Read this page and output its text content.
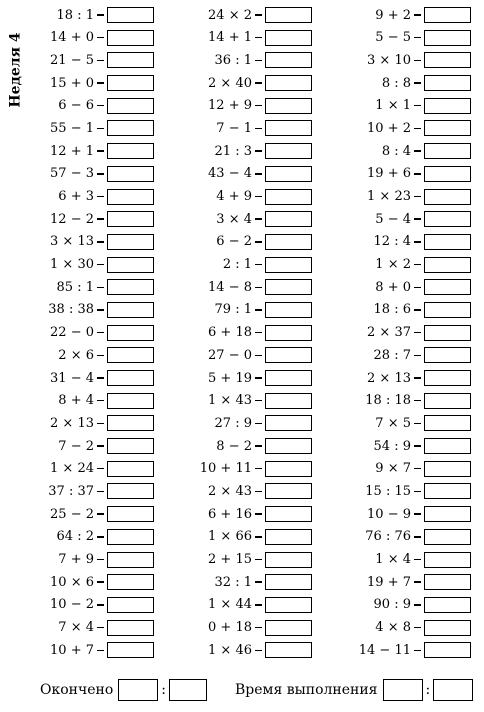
Неделя 4
18 : 1
14 + 0
21 − 5
15 + 0
6 − 6
55 − 1
12 + 1
57 − 3
6 + 3
12 − 2
3 × 13
1 × 30
85 : 1
38 : 38
22 − 0
2 × 6
31 − 4
8 + 4
2 × 13
7 − 2
1 × 24
37 : 37
25 − 2
64 : 2
7 + 9
10 × 6
10 − 2
7 × 4
10 + 7
24 × 2
14 + 1
36 : 1
2 × 40
12 + 9
7 − 1
21 : 3
43 − 4
4 + 9
3 × 4
6 − 2
2 : 1
14 − 8
79 : 1
6 + 18
27 − 0
5 + 19
1 × 43
27 : 9
8 − 2
10 + 11
2 × 43
6 + 16
1 × 66
2 + 15
32 : 1
1 × 44
0 + 18
1 × 46
9 + 2
5 − 5
3 × 10
8 : 8
1 × 1
10 + 2
8 : 4
19 + 6
1 × 23
5 − 4
12 : 4
1 × 2
8 + 0
18 : 6
2 × 37
28 : 7
2 × 13
18 : 18
7 × 5
54 : 9
9 × 7
15 : 15
10 − 9
76 : 76
1 × 4
19 + 7
90 : 9
4 × 8
14 − 11
Окончено	:	Время выполнения	:
